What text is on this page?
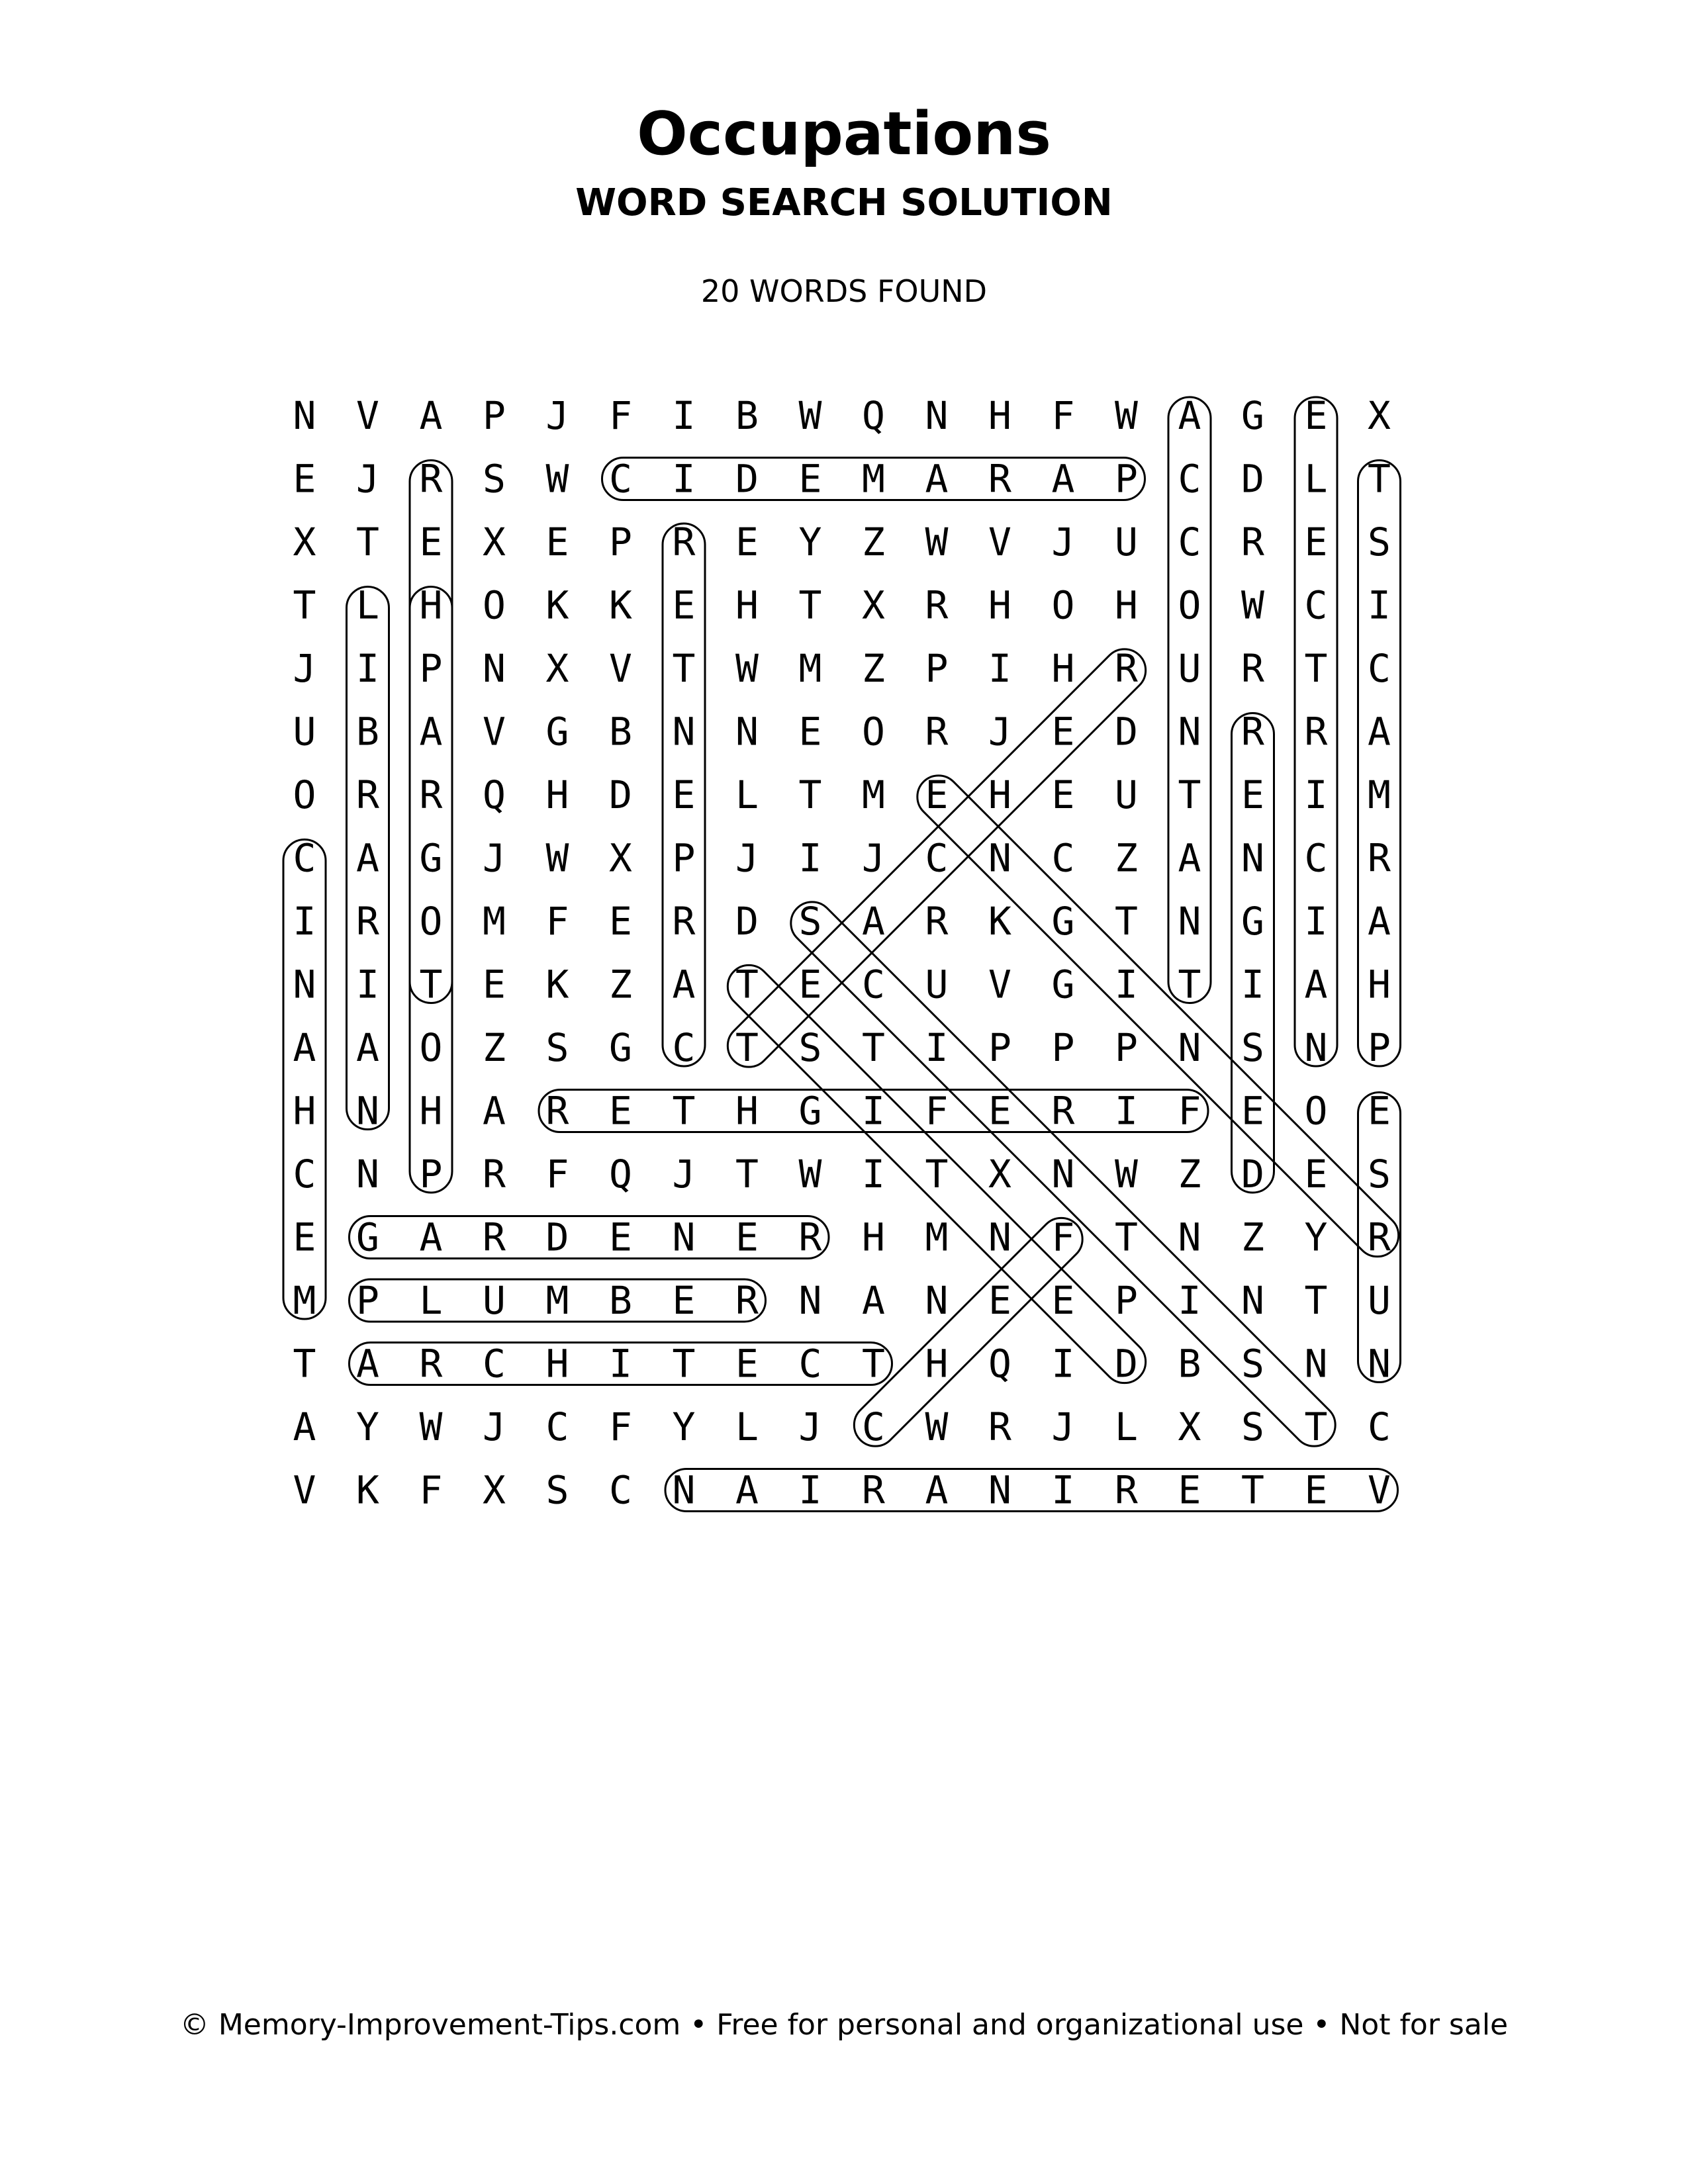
Occupations
WORD SEARCH SOLUTION
20 WORDS FOUND
N V A P J F I B W Q N H F W A G E X
E J R S W C I D E M A R A P C D L T
X T E X E P R E Y Z W V J U C R E S
T L H O K K E H T X R H O H O W C I
J I P N X V T W M Z P I H R U R T C
U B A V G B N N E O R J E D N R R A
O R R Q H D E L T M E H E U T E I M
C A G J W X P J I J C N C Z A N C R
I R O M F E R D S A R K G T N G I A
N I T E K Z A T E C U V G I T I A H
A A O Z S G C T S T I P P P N S N P
H N H A R E T H G I F E R I F E O E
C N P R F Q J T W I T X N W Z D E S
E G A R D E N E R H M N F T N Z Y R
M P L U M B E R N A N E E P I N T U
T A R C H I T E C T H Q I D B S N N
A Y W J C F Y L J C W R J L X S T C
V K F X S C N A I R A N I R E T E V
© Memory-Improvement-Tips.com • Free for personal and organizational use • Not for sale
